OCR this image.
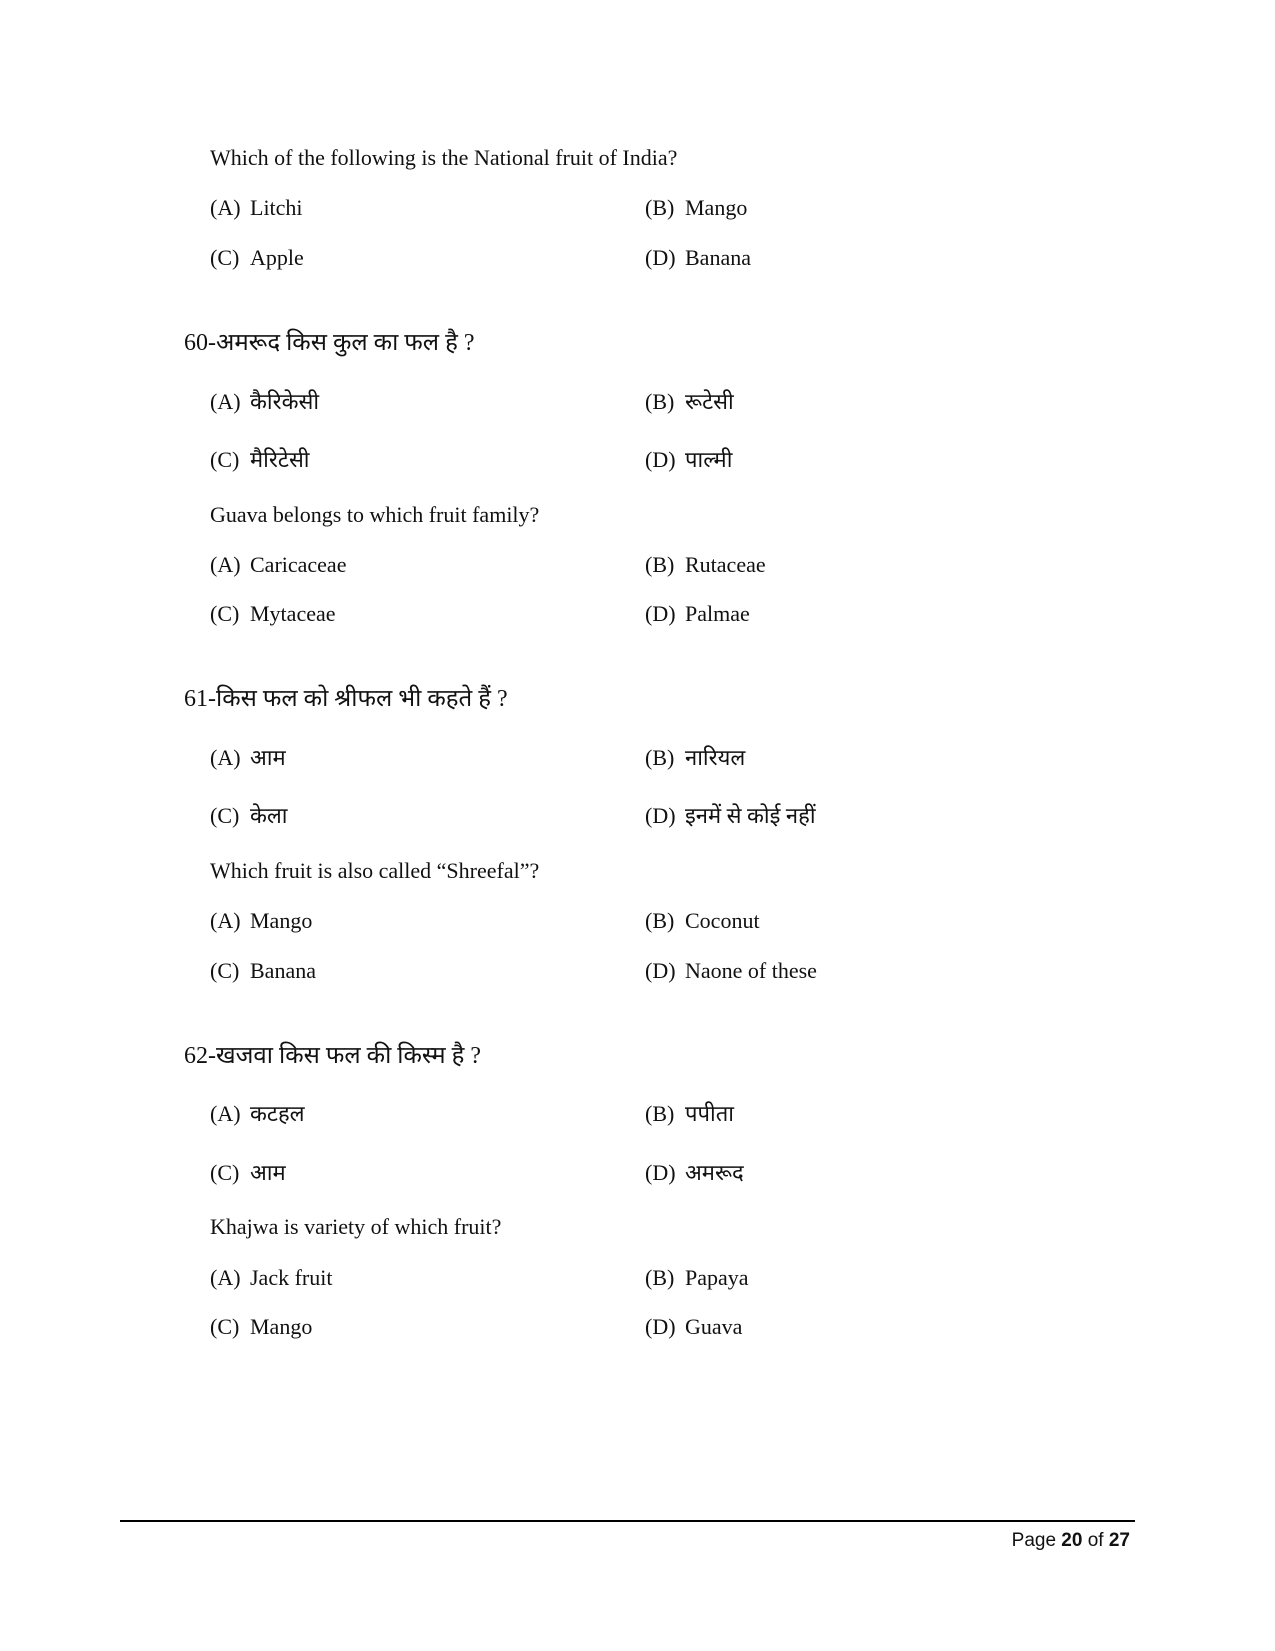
Which of the following is the National fruit of India?
(A) Litchi	(B) Mango
(C) Apple	(D) Banana
60-अमरूद किस कुल का फल है ?
(A) कैरिकेसी	(B) रूटेसी
(C) मैरिटेसी	(D) पाल्मी
Guava belongs to which fruit family?
(A) Caricaceae	(B) Rutaceae
(C) Mytaceae	(D) Palmae
61-किस फल को श्रीफल भी कहते हैं ?
(A) आम	(B) नारियल
(C) केला	(D) इनमें से कोई नहीं
Which fruit is also called “Shreefal”?
(A) Mango	(B) Coconut
(C) Banana	(D) Naone of these
62-खजवा किस फल की किस्म है ?
(A) कटहल	(B) पपीता
(C) आम	(D) अमरूद
Khajwa is variety of which fruit?
(A) Jack fruit	(B) Papaya
(C) Mango	(D) Guava
Page 20 of 27
